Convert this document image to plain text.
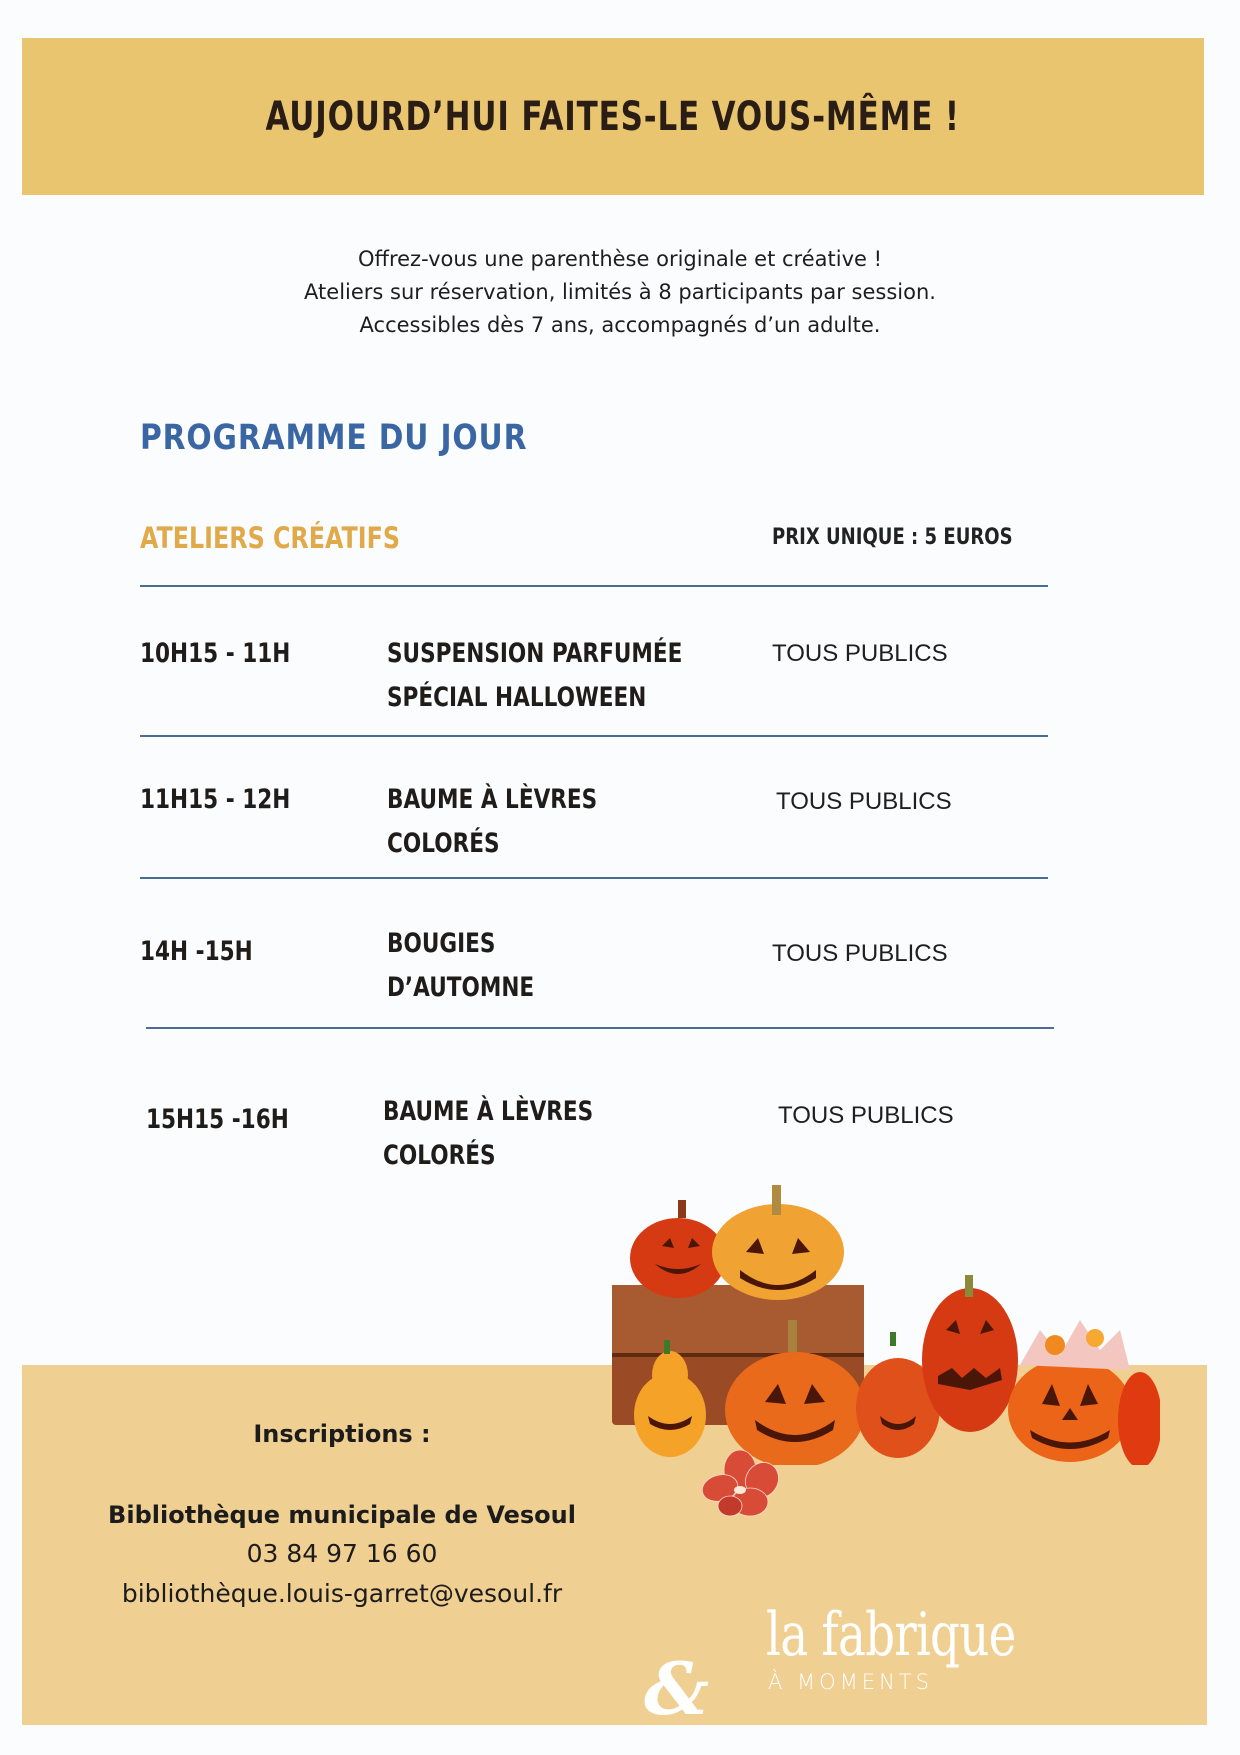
AUJOURD’HUI FAITES-LE VOUS-MÊME !
Offrez-vous une parenthèse originale et créative !
Ateliers sur réservation, limités à 8 participants par session.
Accessibles dès 7 ans, accompagnés d’un adulte.
PROGRAMME DU JOUR
ATELIERS CRÉATIFS	PRIX UNIQUE : 5 EUROS
10H15 - 11H	SUSPENSION PARFUMÉE
SPÉCIAL HALLOWEEN
TOUS PUBLICS
11H15 - 12H	BAUME À LÈVRES
COLORÉS
TOUS PUBLICS
14H -15H	BOUGIES
D’AUTOMNE
TOUS PUBLICS
15H15 -16H	BAUME À LÈVRES
COLORÉS
TOUS PUBLICS
Inscriptions :
Bibliothèque municipale de Vesoul
03 84 97 16 60
bibliothèque.louis-garret@vesoul.fr
&
la fabrique
À MOMENTS
